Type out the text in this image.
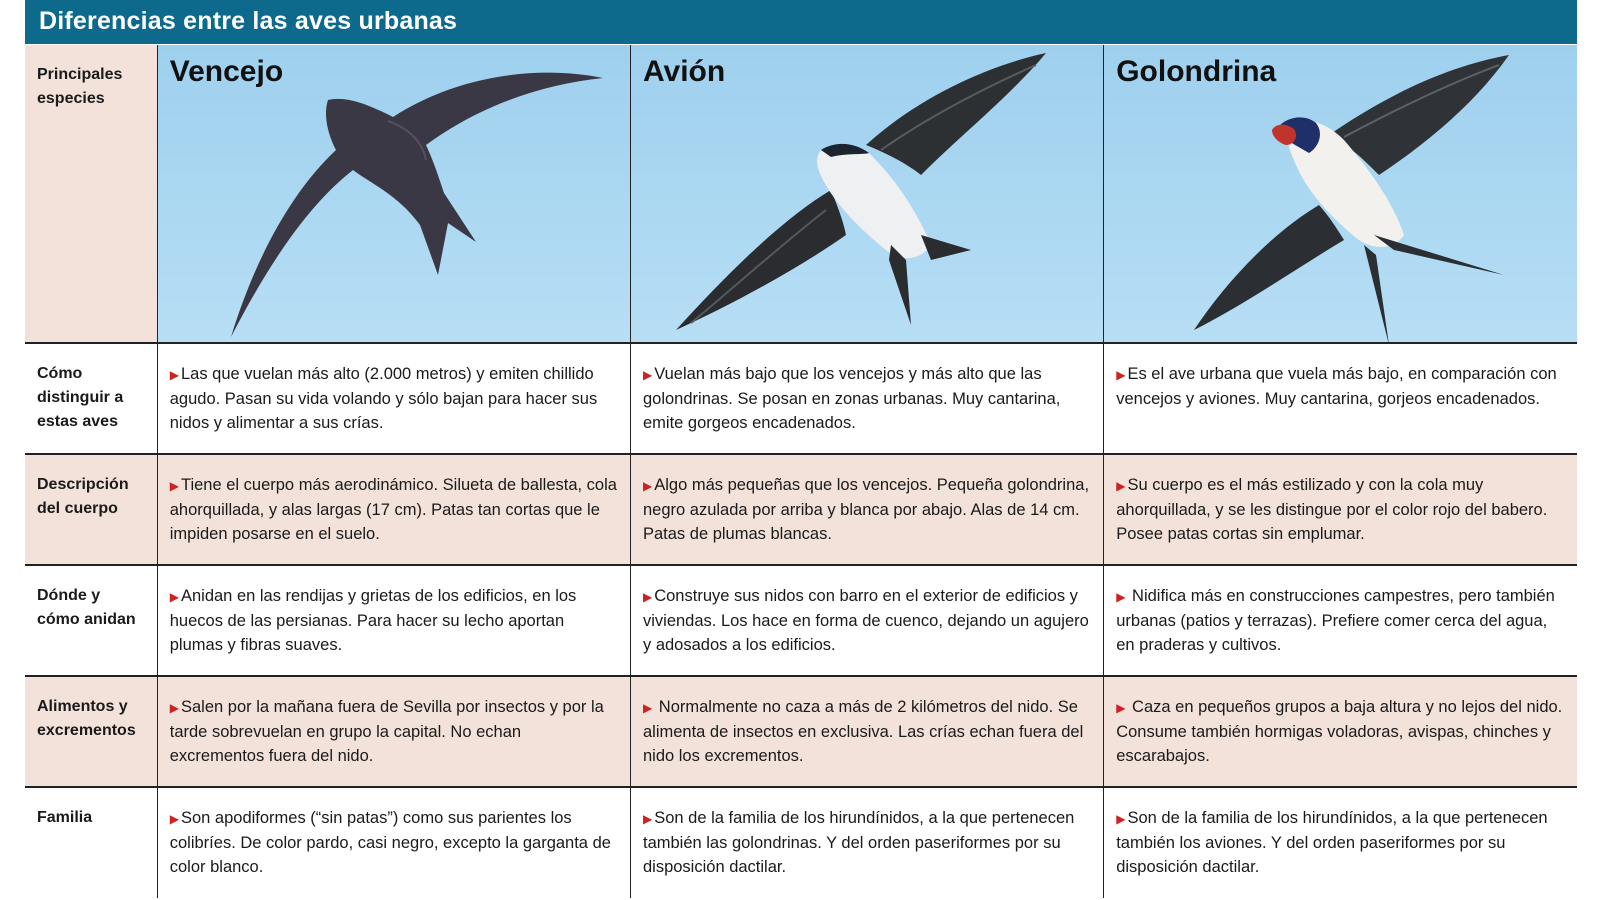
Diferencias entre las aves urbanas
Principales especies	Vencejo	Avión	Golondrina

Cómo distinguir a estas aves	▶ Las que vuelan más alto (2.000 metros) y emiten chillido agudo. Pasan su vida volando y sólo bajan para hacer sus nidos y alimentar a sus crías.	▶ Vuelan más bajo que los vencejos y más alto que las golondrinas. Se posan en zonas urbanas. Muy cantarina, emite gorgeos encadenados.	▶ Es el ave urbana que vuela más bajo, en comparación con vencejos y aviones. Muy cantarina, gorjeos encadenados.
Descripción del cuerpo	▶ Tiene el cuerpo más aerodinámico. Silueta de ballesta, cola ahorquillada, y alas largas (17 cm). Patas tan cortas que le impiden posarse en el suelo.	▶ Algo más pequeñas que los vencejos. Pequeña golondrina, negro azulada por arriba y blanca por abajo. Alas de 14 cm. Patas de plumas blancas.	▶ Su cuerpo es el más estilizado y con la cola muy ahorquillada, y se les distingue por el color rojo del babero. Posee patas cortas sin emplumar.
Dónde y cómo anidan	▶ Anidan en las rendijas y grietas de los edificios, en los huecos de las persianas. Para hacer su lecho aportan plumas y fibras suaves.	▶ Construye sus nidos con barro en el exterior de edificios y viviendas. Los hace en forma de cuenco, dejando un agujero y adosados a los edificios.	▶ Nidifica más en construcciones campestres, pero también urbanas (patios y terrazas). Prefiere comer cerca del agua, en praderas y cultivos.
Alimentos y excrementos	▶ Salen por la mañana fuera de Sevilla por insectos y por la tarde sobrevuelan en grupo la capital. No echan excrementos fuera del nido.	▶ Normalmente no caza a más de 2 kilómetros del nido. Se alimenta de insectos en exclusiva. Las crías echan fuera del nido los excrementos.	▶ Caza en pequeños grupos a baja altura y no lejos del nido. Consume también hormigas voladoras, avispas, chinches y escarabajos.
Familia	▶ Son apodiformes (“sin patas”) como sus parientes los colibríes. De color pardo, casi negro, excepto la garganta de color blanco.	▶ Son de la familia de los hirundínidos, a la que pertenecen también las golondrinas. Y del orden paseriformes por su disposición dactilar.	▶ Son de la familia de los hirundínidos, a la que pertenecen también los aviones. Y del orden paseriformes por su disposición dactilar.
